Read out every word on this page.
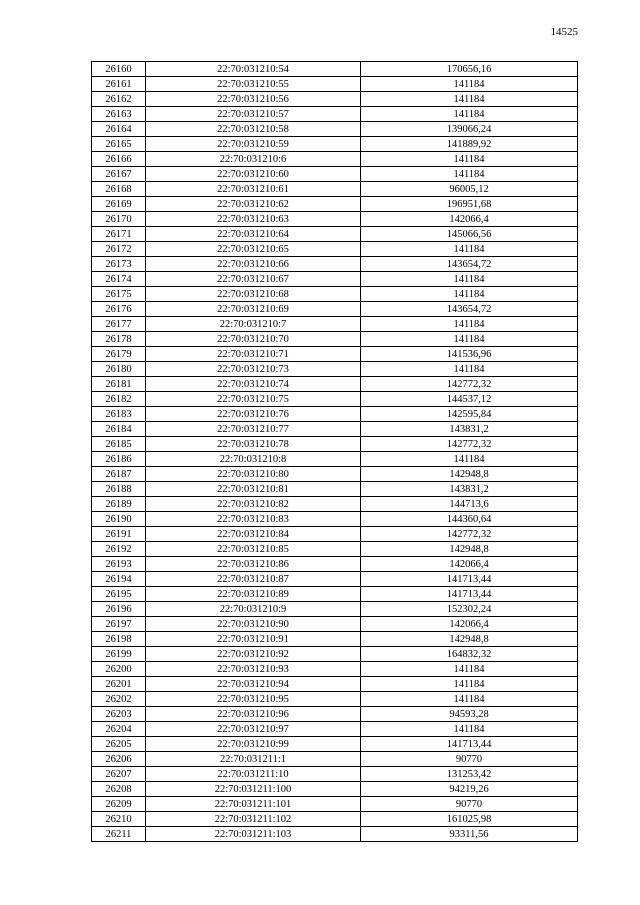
14525
26160	22:70:031210:54	170656,16
26161	22:70:031210:55	141184
26162	22:70:031210:56	141184
26163	22:70:031210:57	141184
26164	22:70:031210:58	139066,24
26165	22:70:031210:59	141889,92
26166	22:70:031210:6	141184
26167	22:70:031210:60	141184
26168	22:70:031210:61	96005,12
26169	22:70:031210:62	196951,68
26170	22:70:031210:63	142066,4
26171	22:70:031210:64	145066,56
26172	22:70:031210:65	141184
26173	22:70:031210:66	143654,72
26174	22:70:031210:67	141184
26175	22:70:031210:68	141184
26176	22:70:031210:69	143654,72
26177	22:70:031210:7	141184
26178	22:70:031210:70	141184
26179	22:70:031210:71	141536,96
26180	22:70:031210:73	141184
26181	22:70:031210:74	142772,32
26182	22:70:031210:75	144537,12
26183	22:70:031210:76	142595,84
26184	22:70:031210:77	143831,2
26185	22:70:031210:78	142772,32
26186	22:70:031210:8	141184
26187	22:70:031210:80	142948,8
26188	22:70:031210:81	143831,2
26189	22:70:031210:82	144713,6
26190	22:70:031210:83	144360,64
26191	22:70:031210:84	142772,32
26192	22:70:031210:85	142948,8
26193	22:70:031210:86	142066,4
26194	22:70:031210:87	141713,44
26195	22:70:031210:89	141713,44
26196	22:70:031210:9	152302,24
26197	22:70:031210:90	142066,4
26198	22:70:031210:91	142948,8
26199	22:70:031210:92	164832,32
26200	22:70:031210:93	141184
26201	22:70:031210:94	141184
26202	22:70:031210:95	141184
26203	22:70:031210:96	94593,28
26204	22:70:031210:97	141184
26205	22:70:031210:99	141713,44
26206	22:70:031211:1	90770
26207	22:70:031211:10	131253,42
26208	22:70:031211:100	94219,26
26209	22:70:031211:101	90770
26210	22:70:031211:102	161025,98
26211	22:70:031211:103	93311,56
